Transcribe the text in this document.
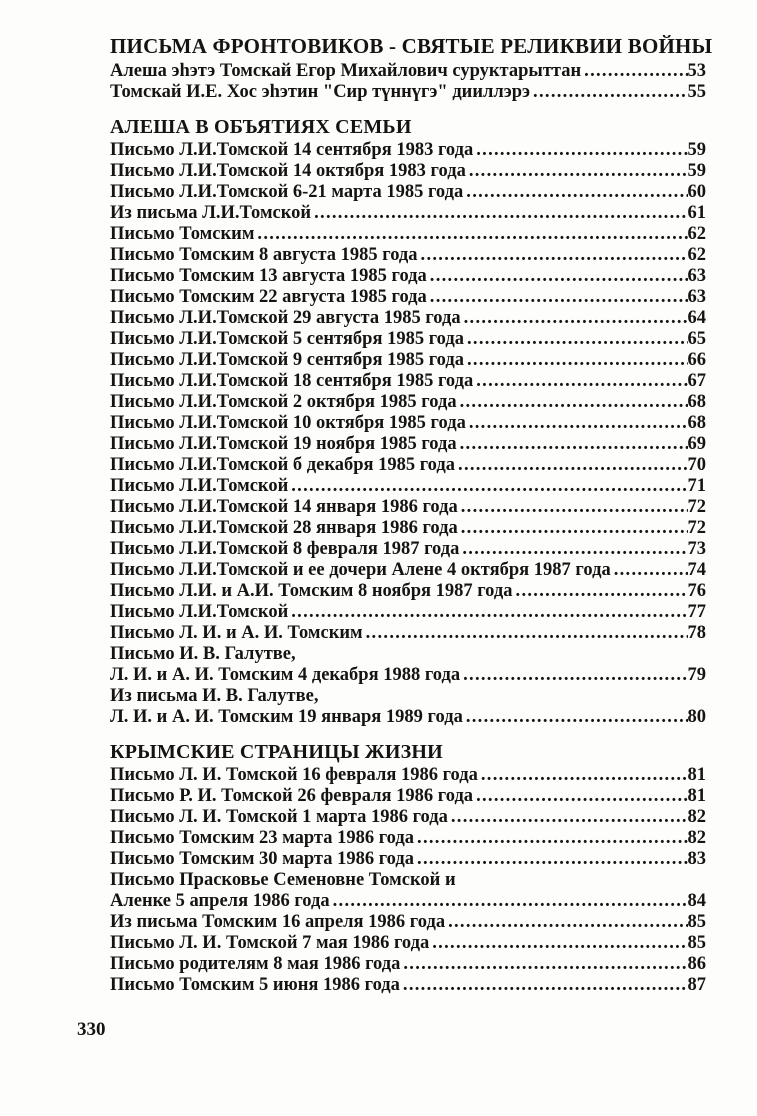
ПИСЬМА ФРОНТОВИКОВ - СВЯТЫЕ РЕЛИКВИИ ВОЙНЫ
Алеша эһэтэ Томскай Егор Михайлович суруктарыттан .....	53
Томскай И.Е. Хос эһэтин "Сир түннүгэ" дииллэрэ .....	55
АЛЕША В ОБЪЯТИЯХ СЕМЬИ
Письмо Л.И.Томской 14 сентября 1983 года .....	59
Письмо Л.И.Томской 14 октября 1983 года .....	59
Письмо Л.И.Томской 6-21 марта 1985 года .....	60
Из письма Л.И.Томской .....	61
Письмо Томским .....	62
Письмо Томским 8 августа 1985 года .....	62
Письмо Томским 13 августа 1985 года .....	63
Письмо Томским 22 августа 1985 года .....	63
Письмо Л.И.Томской 29 августа 1985 года .....	64
Письмо Л.И.Томской 5 сентября 1985 года .....	65
Письмо Л.И.Томской 9 сентября 1985 года .....	66
Письмо Л.И.Томской 18 сентября 1985 года .....	67
Письмо Л.И.Томской 2 октября 1985 года .....	68
Письмо Л.И.Томской 10 октября 1985 года .....	68
Письмо Л.И.Томской 19 ноября 1985 года .....	69
Письмо Л.И.Томской б декабря 1985 года .....	70
Письмо Л.И.Томской .....	71
Письмо Л.И.Томской 14 января 1986 года .....	72
Письмо Л.И.Томской 28 января 1986 года .....	72
Письмо Л.И.Томской 8 февраля 1987 года .....	73
Письмо Л.И.Томской и ее дочери Алене 4 октября 1987 года .....	74
Письмо Л.И. и А.И. Томским 8 ноября 1987 года .....	76
Письмо Л.И.Томской .....	77
Письмо Л. И. и А. И. Томским .....	78
Письмо И. В. Галутве,
Л. И. и А. И. Томским 4 декабря 1988 года .....	79
Из письма И. В. Галутве,
Л. И. и А. И. Томским 19 января 1989 года .....	80
КРЫМСКИЕ СТРАНИЦЫ ЖИЗНИ
Письмо Л. И. Томской 16 февраля 1986 года .....	81
Письмо Р. И. Томской 26 февраля 1986 года .....	81
Письмо Л. И. Томской 1 марта 1986 года .....	82
Письмо Томским 23 марта 1986 года .....	82
Письмо Томским 30 марта 1986 года .....	83
Письмо Прасковье Семеновне Томской и
Аленке 5 апреля 1986 года .....	84
Из письма Томским 16 апреля 1986 года .....	85
Письмо Л. И. Томской 7 мая 1986 года .....	85
Письмо родителям 8 мая 1986 года .....	86
Письмо Томским 5 июня 1986 года .....	87
330
